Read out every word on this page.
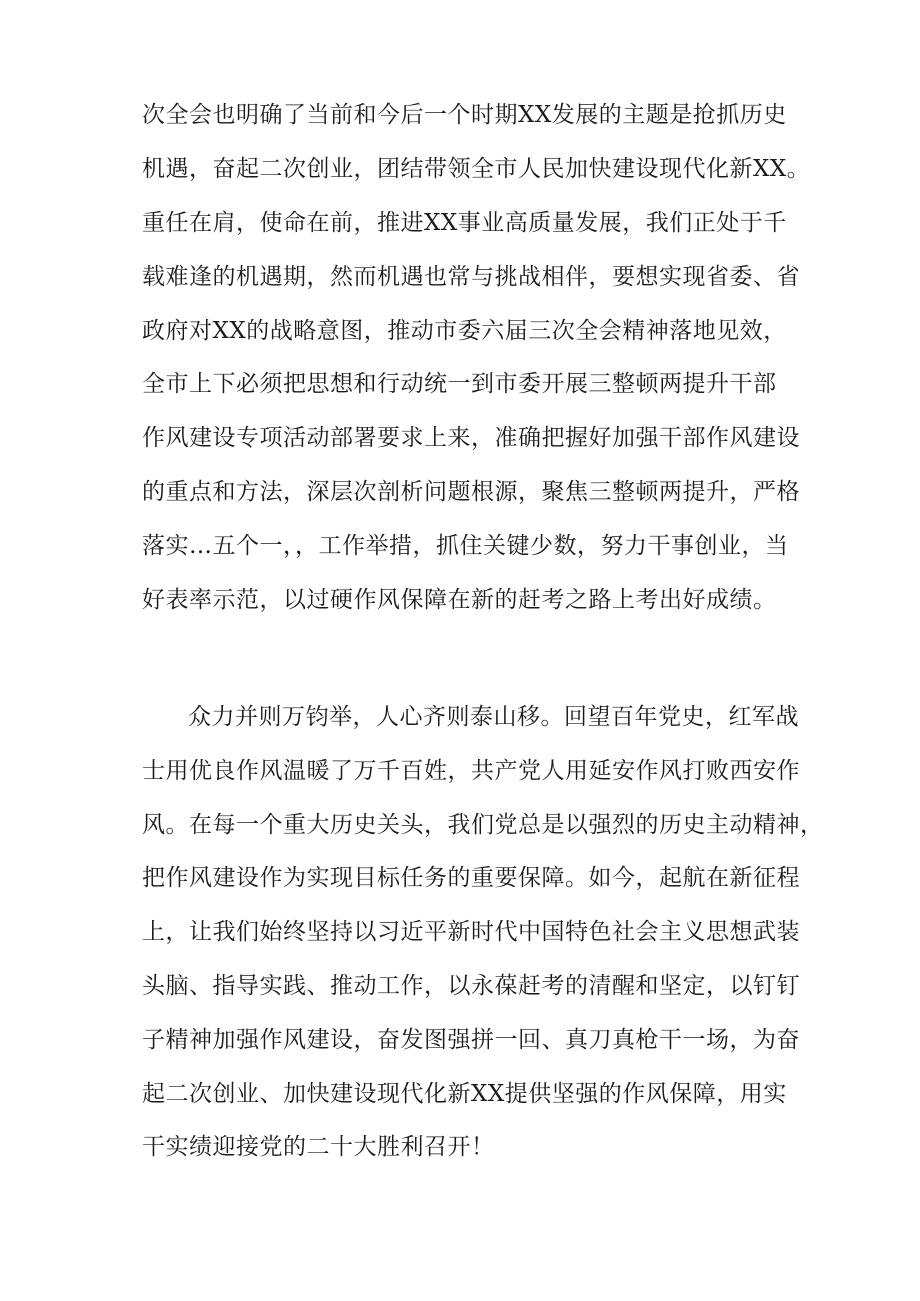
次全会也明确了当前和今后一个时期XX发展的主题是抢抓历史
机遇，奋起二次创业，团结带领全市人民加快建设现代化新XX。
重任在肩，使命在前，推进XX事业高质量发展，我们正处于千
载难逢的机遇期，然而机遇也常与挑战相伴，要想实现省委、省
政府对XX的战略意图，推动市委六届三次全会精神落地见效，
全市上下必须把思想和行动统一到市委开展三整顿两提升干部
作风建设专项活动部署要求上来，准确把握好加强干部作风建设
的重点和方法，深层次剖析问题根源，聚焦三整顿两提升，严格
落实…五个一，，工作举措，抓住关键少数，努力干事创业，当
好表率示范，以过硬作风保障在新的赶考之路上考出好成绩。
众力并则万钧举，人心齐则泰山移。回望百年党史，红军战
士用优良作风温暖了万千百姓，共产党人用延安作风打败西安作
风。在每一个重大历史关头，我们党总是以强烈的历史主动精神，
把作风建设作为实现目标任务的重要保障。如今，起航在新征程
上，让我们始终坚持以习近平新时代中国特色社会主义思想武装
头脑、指导实践、推动工作，以永葆赶考的清醒和坚定，以钉钉
子精神加强作风建设，奋发图强拼一回、真刀真枪干一场，为奋
起二次创业、加快建设现代化新XX提供坚强的作风保障，用实
干实绩迎接党的二十大胜利召开！
